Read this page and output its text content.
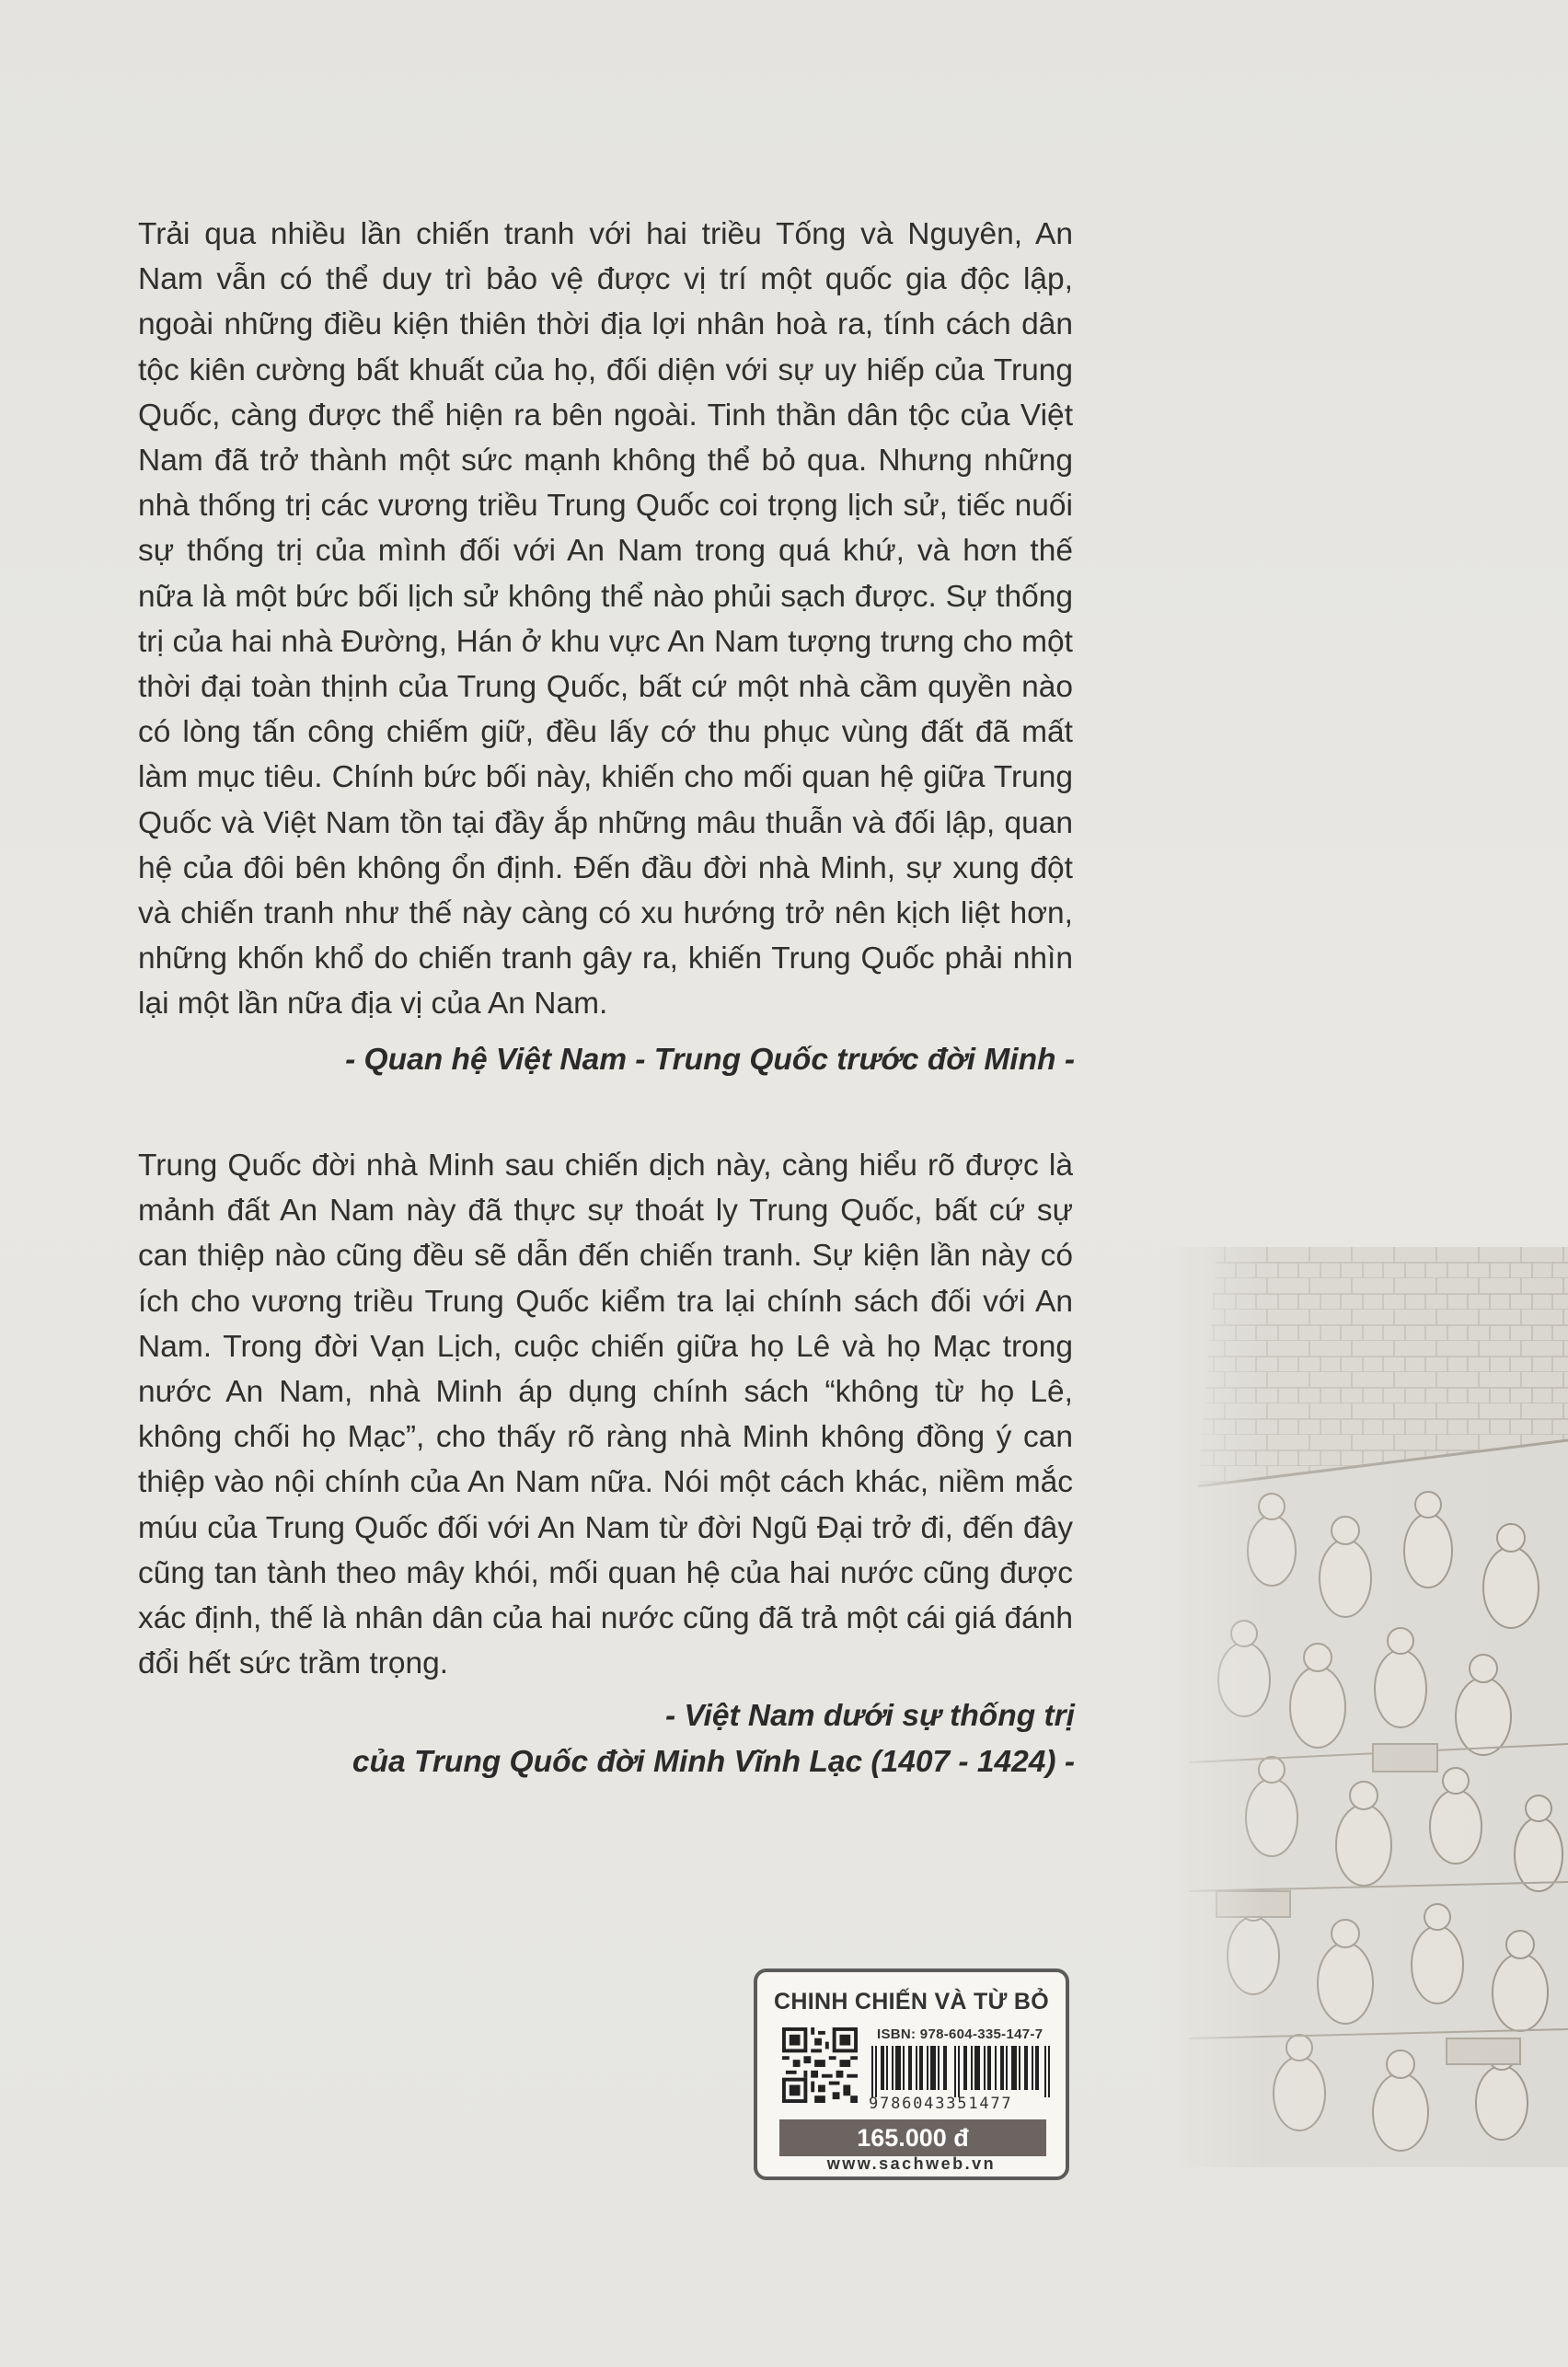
Trải qua nhiều lần chiến tranh với hai triều Tống và Nguyên, An Nam vẫn có thể duy trì bảo vệ được vị trí một quốc gia độc lập, ngoài những điều kiện thiên thời địa lợi nhân hoà ra, tính cách dân tộc kiên cường bất khuất của họ, đối diện với sự uy hiếp của Trung Quốc, càng được thể hiện ra bên ngoài. Tinh thần dân tộc của Việt Nam đã trở thành một sức mạnh không thể bỏ qua. Nhưng những nhà thống trị các vương triều Trung Quốc coi trọng lịch sử, tiếc nuối sự thống trị của mình đối với An Nam trong quá khứ, và hơn thế nữa là một bức bối lịch sử không thể nào phủi sạch được. Sự thống trị của hai nhà Đường, Hán ở khu vực An Nam tượng trưng cho một thời đại toàn thịnh của Trung Quốc, bất cứ một nhà cầm quyền nào có lòng tấn công chiếm giữ, đều lấy cớ thu phục vùng đất đã mất làm mục tiêu. Chính bức bối này, khiến cho mối quan hệ giữa Trung Quốc và Việt Nam tồn tại đầy ắp những mâu thuẫn và đối lập, quan hệ của đôi bên không ổn định. Đến đầu đời nhà Minh, sự xung đột và chiến tranh như thế này càng có xu hướng trở nên kịch liệt hơn, những khốn khổ do chiến tranh gây ra, khiến Trung Quốc phải nhìn lại một lần nữa địa vị của An Nam.

- Quan hệ Việt Nam - Trung Quốc trước đời Minh -

Trung Quốc đời nhà Minh sau chiến dịch này, càng hiểu rõ được là mảnh đất An Nam này đã thực sự thoát ly Trung Quốc, bất cứ sự can thiệp nào cũng đều sẽ dẫn đến chiến tranh. Sự kiện lần này có ích cho vương triều Trung Quốc kiểm tra lại chính sách đối với An Nam. Trong đời Vạn Lịch, cuộc chiến giữa họ Lê và họ Mạc trong nước An Nam, nhà Minh áp dụng chính sách “không từ họ Lê, không chối họ Mạc”, cho thấy rõ ràng nhà Minh không đồng ý can thiệp vào nội chính của An Nam nữa. Nói một cách khác, niềm mắc múu của Trung Quốc đối với An Nam từ đời Ngũ Đại trở đi, đến đây cũng tan tành theo mây khói, mối quan hệ của hai nước cũng được xác định, thế là nhân dân của hai nước cũng đã trả một cái giá đánh đổi hết sức trầm trọng.

- Việt Nam dưới sự thống trị
của Trung Quốc đời Minh Vĩnh Lạc (1407 - 1424) -
CHINH CHIẾN VÀ TỪ BỎ
ISBN: 978-604-335-147-7
9786043351477
165.000 đ
www.sachweb.vn
